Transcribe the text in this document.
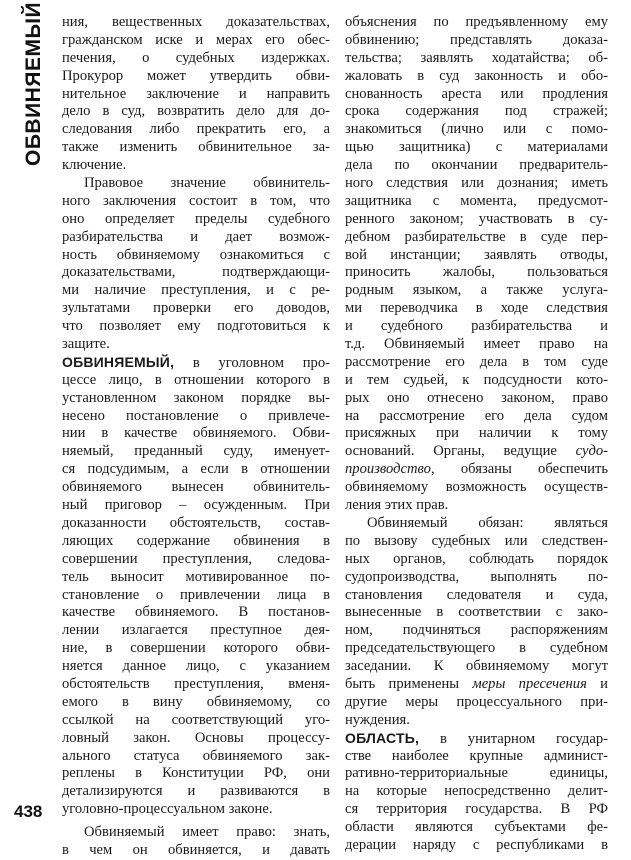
ОБВИНЯЕМЫЙ
438
ния, вещественных доказательствах,
гражданском иске и мерах его обес-
печения, о судебных издержках.
Прокурор может утвердить обви-
нительное заключение и направить
дело в суд, возвратить дело для до-
следования либо прекратить его, а
также изменить обвинительное за-
ключение.
Правовое значение обвинитель-
ного заключения состоит в том, что
оно определяет пределы судебного
разбирательства и дает возмож-
ность обвиняемому ознакомиться с
доказательствами, подтверждающи-
ми наличие преступления, и с ре-
зультатами проверки его доводов,
что позволяет ему подготовиться к
защите.
ОБВИНЯЕМЫЙ, в уголовном про-
цессе лицо, в отношении которого в
установленном законом порядке вы-
несено постановление о привлече-
нии в качестве обвиняемого. Обви-
няемый, преданный суду, именует-
ся подсудимым, а если в отношении
обвиняемого вынесен обвинитель-
ный приговор – осужденным. При
доказанности обстоятельств, состав-
ляющих содержание обвинения в
совершении преступления, следова-
тель выносит мотивированное по-
становление о привлечении лица в
качестве обвиняемого. В постанов-
лении излагается преступное дея-
ние, в совершении которого обви-
няется данное лицо, с указанием
обстоятельств преступления, вменя-
емого в вину обвиняемому, со
ссылкой на соответствующий уго-
ловный закон. Основы процессу-
ального статуса обвиняемого зак-
реплены в Конституции РФ, они
детализируются и развиваются в
уголовно-процессуальном законе.
Обвиняемый имеет право: знать,
в чем он обвиняется, и давать
объяснения по предъявленному ему
обвинению; представлять доказа-
тельства; заявлять ходатайства; об-
жаловать в суд законность и обо-
снованность ареста или продления
срока содержания под стражей;
знакомиться (лично или с помо-
щью защитника) с материалами
дела по окончании предваритель-
ного следствия или дознания; иметь
защитника с момента, предусмот-
ренного законом; участвовать в су-
дебном разбирательстве в суде пер-
вой инстанции; заявлять отводы,
приносить жалобы, пользоваться
родным языком, а также услуга-
ми переводчика в ходе следствия
и судебного разбирательства и
т.д. Обвиняемый имеет право на
рассмотрение его дела в том суде
и тем судьей, к подсудности кото-
рых оно отнесено законом, право
на рассмотрение его дела судом
присяжных при наличии к тому
оснований. Органы, ведущие судо-
производство, обязаны обеспечить
обвиняемому возможность осуществ-
ления этих прав.
Обвиняемый обязан: являться
по вызову судебных или следствен-
ных органов, соблюдать порядок
судопроизводства, выполнять по-
становления следователя и суда,
вынесенные в соответствии с зако-
ном, подчиняться распоряжениям
председательствующего в судебном
заседании. К обвиняемому могут
быть применены меры пресечения и
другие меры процессуального при-
нуждения.
ОБЛАСТЬ, в унитарном государ-
стве наиболее крупные админист-
ративно-территориальные единицы,
на которые непосредственно делит-
ся территория государства. В РФ
области являются субъектами фе-
дерации наряду с республиками в
